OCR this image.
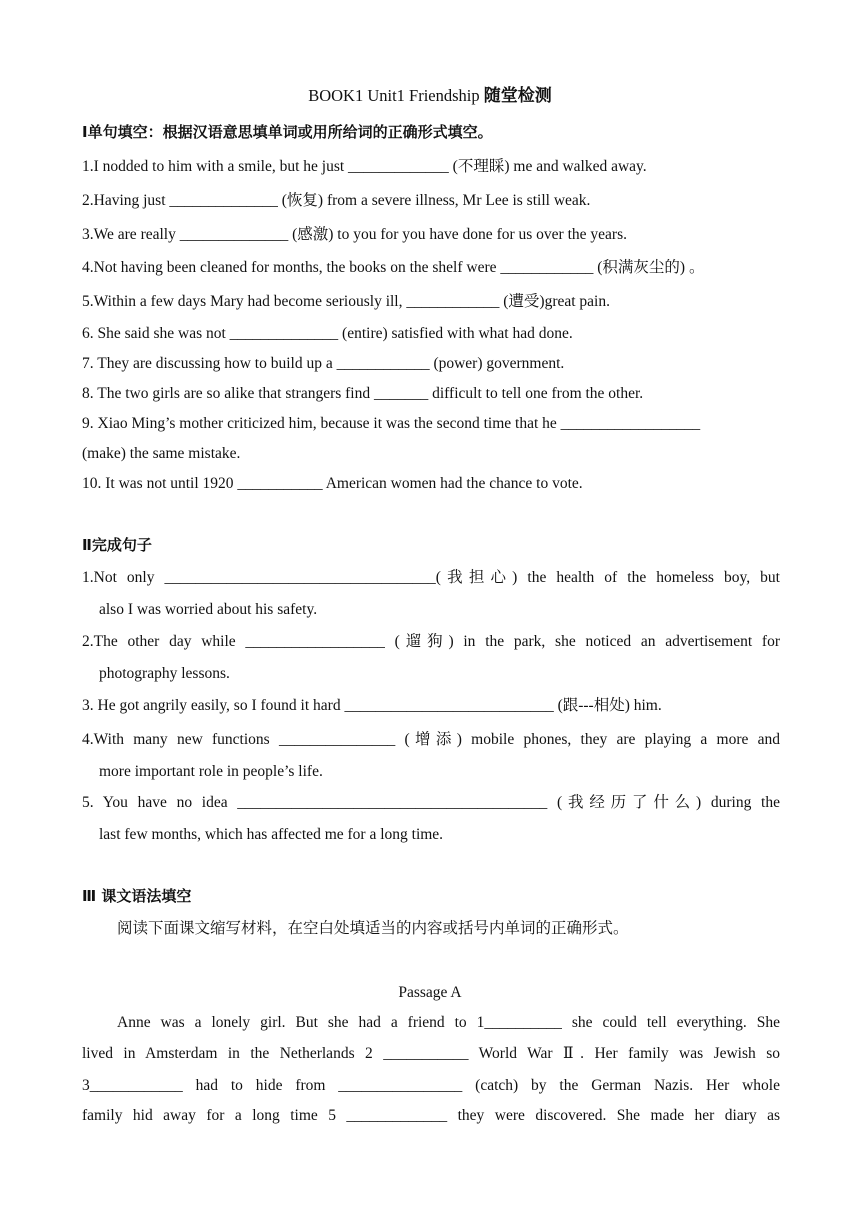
BOOK1 Unit1 Friendship 随堂检测
Ⅰ单句填空：根据汉语意思填单词或用所给词的正确形式填空。
1.I nodded to him with a smile, but he just _____________ (不理睬) me and walked away.
2.Having just ______________ (恢复) from a severe illness, Mr Lee is still weak.
3.We are really ______________ (感激) to you for you have done for us over the years.
4.Not having been cleaned for months, the books on the shelf were ____________ (积满灰尘的) 。
5.Within a few days Mary had become seriously ill, ____________ (遭受)great pain.
6. She said she was not ______________ (entire) satisfied with what had done.
7. They are discussing how to build up a ____________ (power) government.
8. The two girls are so alike that strangers find _______ difficult to tell one from the other.
9. Xiao Ming’s mother criticized him, because it was the second time that he __________________
(make) the same mistake.
10. It was not until 1920 ___________ American women had the chance to vote.
Ⅱ完成句子
1.Not only ___________________________________(我担心) the health of the homeless boy, but
also I was worried about his safety.
2.The other day while __________________ (遛狗) in the park, she noticed an advertisement for
photography lessons.
3. He got angrily easily, so I found it hard ___________________________ (跟---相处) him.
4.With many new functions _______________ (增添) mobile phones, they are playing a more and
more important role in people’s life.
5. You have no idea ________________________________________ (我经历了什么) during the
last few months, which has affected me for a long time.
Ⅲ 课文语法填空
阅读下面课文缩写材料，在空白处填适当的内容或括号内单词的正确形式。
Passage A
Anne was a lonely girl. But she had a friend to 1__________ she could tell everything. She
lived in Amsterdam in the Netherlands 2 ___________ World War Ⅱ. Her family was Jewish so
3____________ had to hide from ________________ (catch) by the German Nazis. Her whole
family hid away for a long time 5 _____________ they were discovered. She made her diary as
